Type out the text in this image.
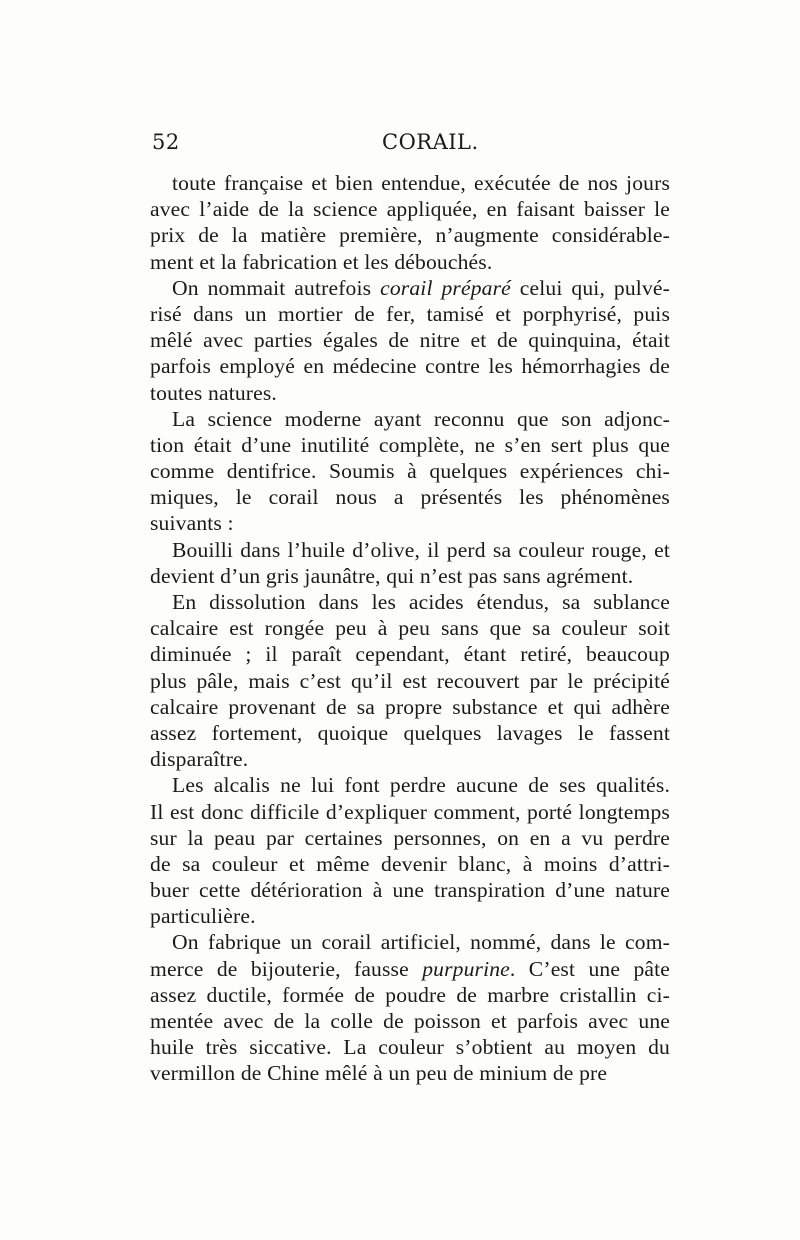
52	CORAIL.
toute française et bien entendue, exécutée de nos jours
avec l’aide de la science appliquée, en faisant baisser le
prix de la matière première, n’augmente considérable-
ment et la fabrication et les débouchés.
On nommait autrefois corail préparé celui qui, pulvé-
risé dans un mortier de fer, tamisé et porphyrisé, puis
mêlé avec parties égales de nitre et de quinquina, était
parfois employé en médecine contre les hémorrhagies de
toutes natures.
La science moderne ayant reconnu que son adjonc-
tion était d’une inutilité complète, ne s’en sert plus que
comme dentifrice. Soumis à quelques expériences chi-
miques, le corail nous a présentés les phénomènes
suivants :
Bouilli dans l’huile d’olive, il perd sa couleur rouge, et
devient d’un gris jaunâtre, qui n’est pas sans agrément.
En dissolution dans les acides étendus, sa sublance
calcaire est rongée peu à peu sans que sa couleur soit
diminuée ; il paraît cependant, étant retiré, beaucoup
plus pâle, mais c’est qu’il est recouvert par le précipité
calcaire provenant de sa propre substance et qui adhère
assez fortement, quoique quelques lavages le fassent
disparaître.
Les alcalis ne lui font perdre aucune de ses qualités.
Il est donc difficile d’expliquer comment, porté longtemps
sur la peau par certaines personnes, on en a vu perdre
de sa couleur et même devenir blanc, à moins d’attri-
buer cette détérioration à une transpiration d’une nature
particulière.
On fabrique un corail artificiel, nommé, dans le com-
merce de bijouterie, fausse purpurine. C’est une pâte
assez ductile, formée de poudre de marbre cristallin ci-
mentée avec de la colle de poisson et parfois avec une
huile très siccative. La couleur s’obtient au moyen du
vermillon de Chine mêlé à un peu de minium de pre
